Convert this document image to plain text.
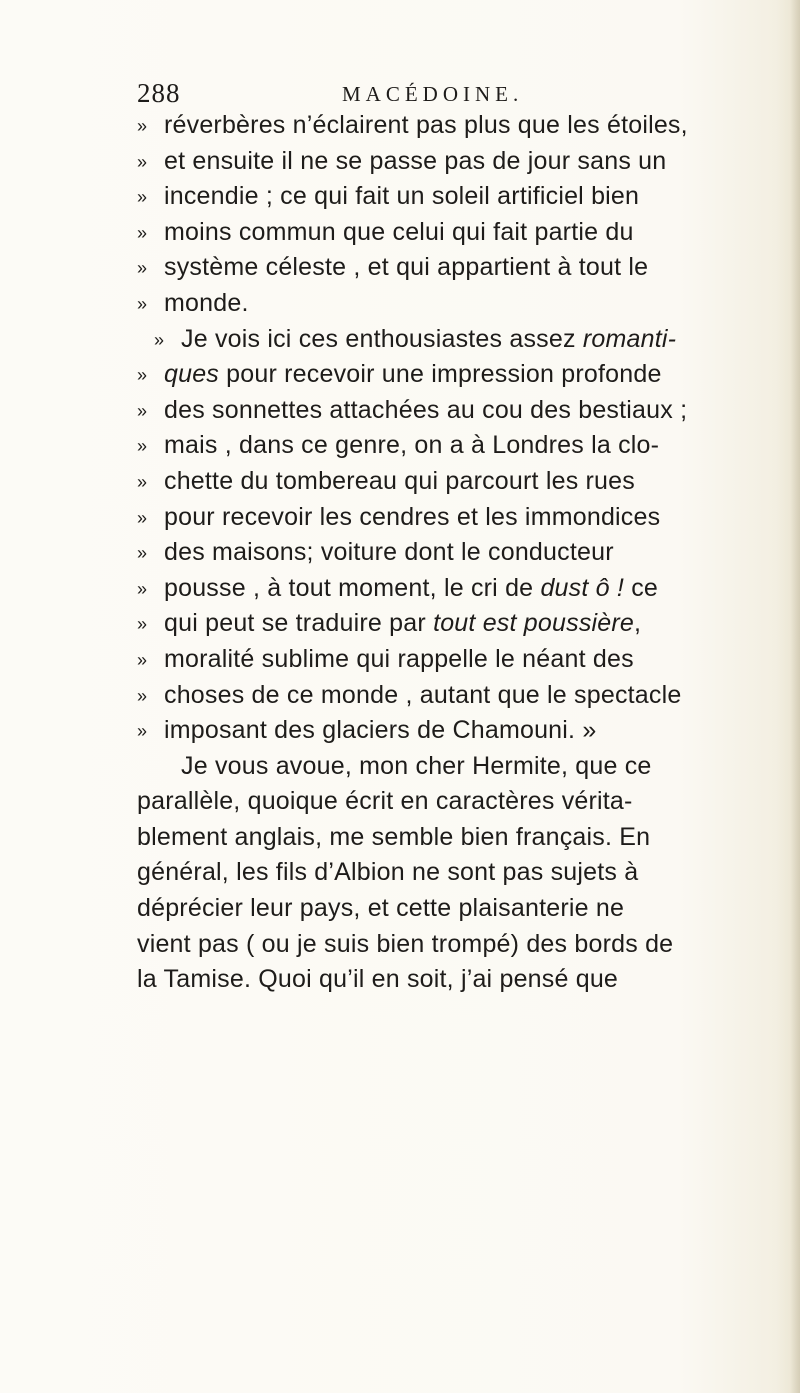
288	MACÉDOINE.
» réverbères n’éclairent pas plus que les étoiles,
» et ensuite il ne se passe pas de jour sans un
» incendie ; ce qui fait un soleil artificiel bien
» moins commun que celui qui fait partie du
» système céleste , et qui appartient à tout le
» monde.
» Je vois ici ces enthousiastes assez romanti-
» ques pour recevoir une impression profonde
» des sonnettes attachées au cou des bestiaux ;
» mais , dans ce genre, on a à Londres la clo-
» chette du tombereau qui parcourt les rues
» pour recevoir les cendres et les immondices
» des maisons; voiture dont le conducteur
» pousse , à tout moment, le cri de dust ô ! ce
» qui peut se traduire par tout est poussière,
» moralité sublime qui rappelle le néant des
» choses de ce monde , autant que le spectacle
» imposant des glaciers de Chamouni. »
Je vous avoue, mon cher Hermite, que ce
parallèle, quoique écrit en caractères vérita-
blement anglais, me semble bien français. En
général, les fils d’Albion ne sont pas sujets à
déprécier leur pays, et cette plaisanterie ne
vient pas ( ou je suis bien trompé) des bords de
la Tamise. Quoi qu’il en soit, j’ai pensé que
